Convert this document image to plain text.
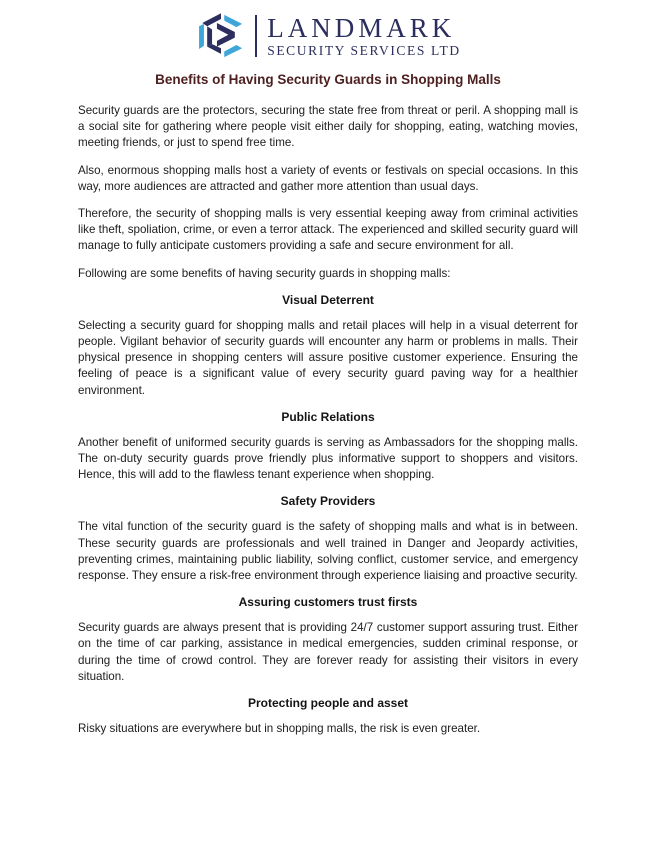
LANDMARK
SECURITY SERVICES LTD
Benefits of Having Security Guards in Shopping Malls

Security guards are the protectors, securing the state free from threat or peril. A shopping mall is a social site for gathering where people visit either daily for shopping, eating, watching movies, meeting friends, or just to spend free time.

Also, enormous shopping malls host a variety of events or festivals on special occasions. In this way, more audiences are attracted and gather more attention than usual days.

Therefore, the security of shopping malls is very essential keeping away from criminal activities like theft, spoliation, crime, or even a terror attack. The experienced and skilled security guard will manage to fully anticipate customers providing a safe and secure environment for all.

Following are some benefits of having security guards in shopping malls:

Visual Deterrent

Selecting a security guard for shopping malls and retail places will help in a visual deterrent for people. Vigilant behavior of security guards will encounter any harm or problems in malls. Their physical presence in shopping centers will assure positive customer experience. Ensuring the feeling of peace is a significant value of every security guard paving way for a healthier environment.

Public Relations

Another benefit of uniformed security guards is serving as Ambassadors for the shopping malls. The on-duty security guards prove friendly plus informative support to shoppers and visitors. Hence, this will add to the flawless tenant experience when shopping.

Safety Providers

The vital function of the security guard is the safety of shopping malls and what is in between. These security guards are professionals and well trained in Danger and Jeopardy activities, preventing crimes, maintaining public liability, solving conflict, customer service, and emergency response. They ensure a risk-free environment through experience liaising and proactive security.

Assuring customers trust firsts

Security guards are always present that is providing 24/7 customer support assuring trust. Either on the time of car parking, assistance in medical emergencies, sudden criminal response, or during the time of crowd control. They are forever ready for assisting their visitors in every situation.

Protecting people and asset

Risky situations are everywhere but in shopping malls, the risk is even greater.
